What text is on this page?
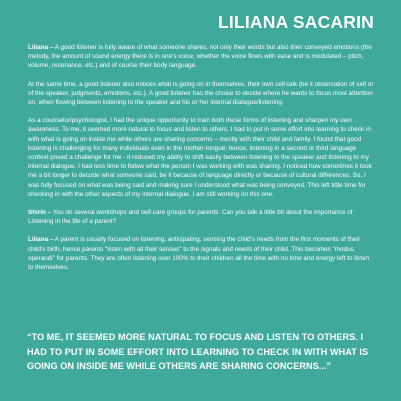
LILIANA SACARIN

Liliana – A good listener is fully aware of what someone shares, not only their words but also their conveyed emotions (the melody, the amount of sound energy there is in one's voice, whether the voice flows with ease and is modulated – pitch, volume, resonance, etc.) and of course their body language.

At the same time, a good listener also notices what is going on in themselves, their own self-talk (be it observation of self or of the speaker, judgments, emotions, etc.). A good listener has the choice to decide where he wants to focus most attention on, when flowing between listening to the speaker and his or her internal dialogue/listening.

As a counselor/psychologist, I had the unique opportunity to train both these forms of listening and sharpen my own awareness. To me, it seemed more natural to focus and listen to others. I had to put in some effort into learning to check in with what is going on inside me while others are sharing concerns – mostly with their child and family. I found that good listening is challenging for many individuals even in the mother-tongue; hence, listening in a second or third language context posed a challenge for me - it reduced my ability to shift easily between listening to the speaker and listening to my internal dialogue. I had less time to follow what the person I was working with was sharing. I noticed how sometimes it took me a bit longer to decode what someone said, be it because of language directly or because of cultural differences. So, I was fully focused on what was being said and making sure I understood what was being conveyed. This left little time for checking in with the other aspects of my internal dialogue. I am still working on this one.

Shirin – You do several workshops and self-care groups for parents. Can you talk a little bit about the importance of Listening in the life of a parent?

Liliana – A parent is usually focused on listening, anticipating, sensing the child's needs from the first moments of their child's birth, hence parents "listen with all their senses" to the signals and needs of their child. This becomes "modus operandi" for parents. They are often listening over 100% to their children all the time with no time and energy left to listen to themselves.

“TO ME, IT SEEMED MORE NATURAL TO FOCUS AND LISTEN TO OTHERS. I HAD TO PUT IN SOME EFFORT INTO LEARNING TO CHECK IN WITH WHAT IS GOING ON INSIDE ME WHILE OTHERS ARE SHARING CONCERNS...”
